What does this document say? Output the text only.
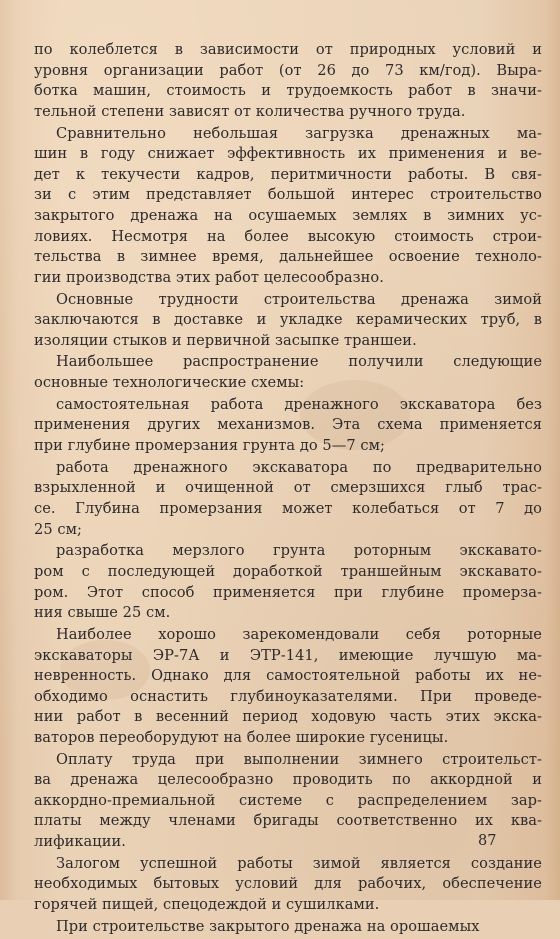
по колеблется в зависимости от природных условий и
уровня организации работ (от 26 до 73 км/год). Выра-
ботка машин, стоимость и трудоемкость работ в значи-
тельной степени зависят от количества ручного труда.
Сравнительно небольшая загрузка дренажных ма-
шин в году снижает эффективность их применения и ве-
дет к текучести кадров, перитмичности работы. В свя-
зи с этим представляет большой интерес строительство
закрытого дренажа на осушаемых землях в зимних ус-
ловиях. Несмотря на более высокую стоимость строи-
тельства в зимнее время, дальнейшее освоение техноло-
гии производства этих работ целесообразно.
Основные трудности строительства дренажа зимой
заключаются в доставке и укладке керамических труб, в
изоляции стыков и первичной засыпке траншеи.
Наибольшее распространение получили следующие
основные технологические схемы:
самостоятельная работа дренажного экскаватора без
применения других механизмов. Эта схема применяется
при глубине промерзания грунта до 5—7 см;
работа дренажного экскаватора по предварительно
взрыхленной и очищенной от смерзшихся глыб трас-
се. Глубина промерзания может колебаться от 7 до
25 см;
разработка мерзлого грунта роторным экскавато-
ром с последующей доработкой траншейным экскавато-
ром. Этот способ применяется при глубине промерза-
ния свыше 25 см.
Наиболее хорошо зарекомендовали себя роторные
экскаваторы ЭР-7А и ЭТР-141, имеющие лучшую ма-
невренность. Однако для самостоятельной работы их не-
обходимо оснастить глубиноуказателями. При проведе-
нии работ в весенний период ходовую часть этих экска-
ваторов переоборудуют на более широкие гусеницы.
Оплату труда при выполнении зимнего строительст-
ва дренажа целесообразно проводить по аккордной и
аккордно-премиальной системе с распределением зар-
платы между членами бригады соответственно их ква-
лификации.
Залогом успешной работы зимой является создание
необходимых бытовых условий для рабочих, обеспечение
горячей пищей, спецодеждой и сушилками.
При строительстве закрытого дренажа на орошаемых
87
